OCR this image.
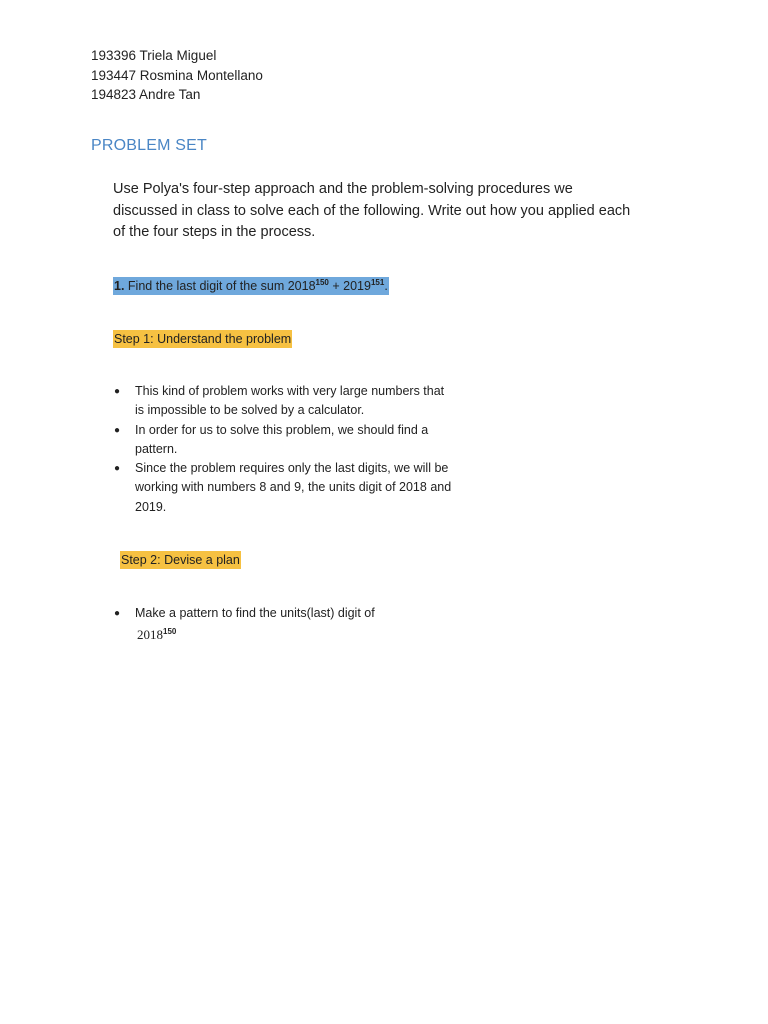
193396 Triela Miguel
193447 Rosmina Montellano
194823 Andre Tan
PROBLEM SET
Use Polya's four-step approach and the problem-solving procedures we discussed in class to solve each of the following. Write out how you applied each of the four steps in the process.
1. Find the last digit of the sum $2018^{150} + 2019^{151}$.
Step 1: Understand the problem
● This kind of problem works with very large numbers that is impossible to be solved by a calculator.
● In order for us to solve this problem, we should find a pattern.
● Since the problem requires only the last digits, we will be working with numbers 8 and 9, the units digit of 2018 and 2019.
Step 2: Devise a plan
● Make a pattern to find the units(last) digit of
2018$^{150}$
